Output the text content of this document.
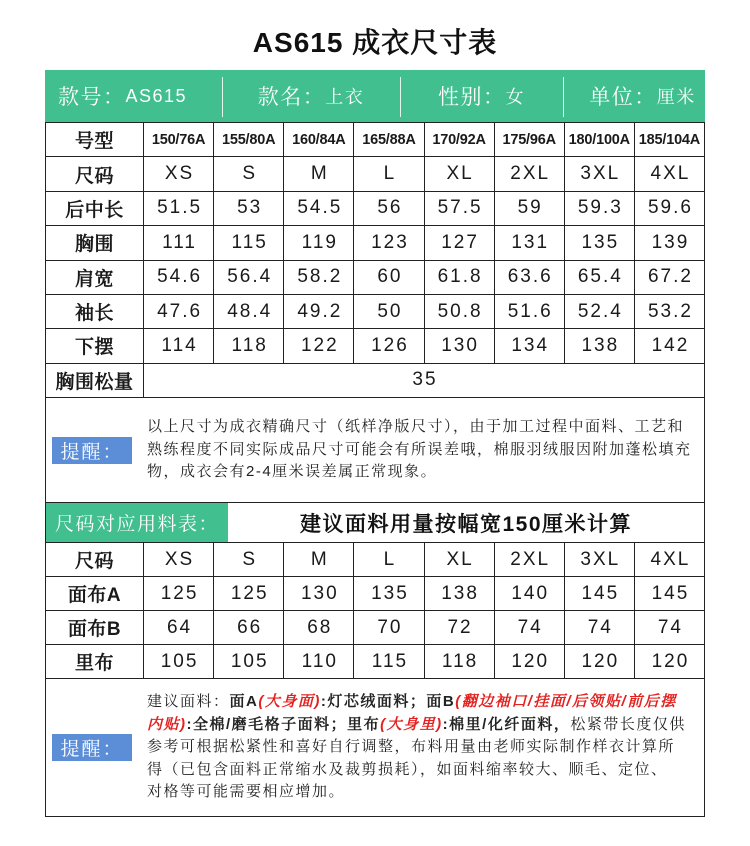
AS615 成衣尺寸表
款号： AS615	款名： 上衣	性别： 女	单位： 厘米
号型	150/76A	155/80A	160/84A	165/88A	170/92A	175/96A 180/100A 185/104A
尺码	XS	S	M	L	XL	2XL	3XL	4XL
后中长	51.5	53	54.5	56	57.5	59	59.3	59.6
胸围	111	115	119	123	127	131	135	139
肩宽	54.6	56.4	58.2	60	61.8	63.6	65.4	67.2
袖长	47.6	48.4	49.2	50	50.8	51.6	52.4	53.2
下摆	114	118	122	126	130	134	138	142
胸围松量	35
提醒：
以上尺寸为成衣精确尺寸（纸样净版尺寸），由于加工过程中面料、工艺和
熟练程度不同实际成品尺寸可能会有所误差哦，棉服羽绒服因附加蓬松填充
物，成衣会有2-4厘米误差属正常现象。
尺码对应用料表：	建议面料用量按幅宽150厘米计算
尺码	XS	S	M	L	XL	2XL	3XL	4XL
面布A	125	125	130	135	138	140	145	145
面布B	64	66	68	70	72	74	74	74
里布	105	105	110	115	118	120	120	120
提醒：
建议面料：面A(大身面):灯芯绒面料；面B(翻边袖口/挂面/后领贴/前后摆
内贴):全棉/磨毛格子面料；里布(大身里):棉里/化纤面料，松紧带长度仅供
参考可根据松紧性和喜好自行调整，布料用量由老师实际制作样衣计算所
得（已包含面料正常缩水及裁剪损耗），如面料缩率较大、顺毛、定位、
对格等可能需要相应增加。
